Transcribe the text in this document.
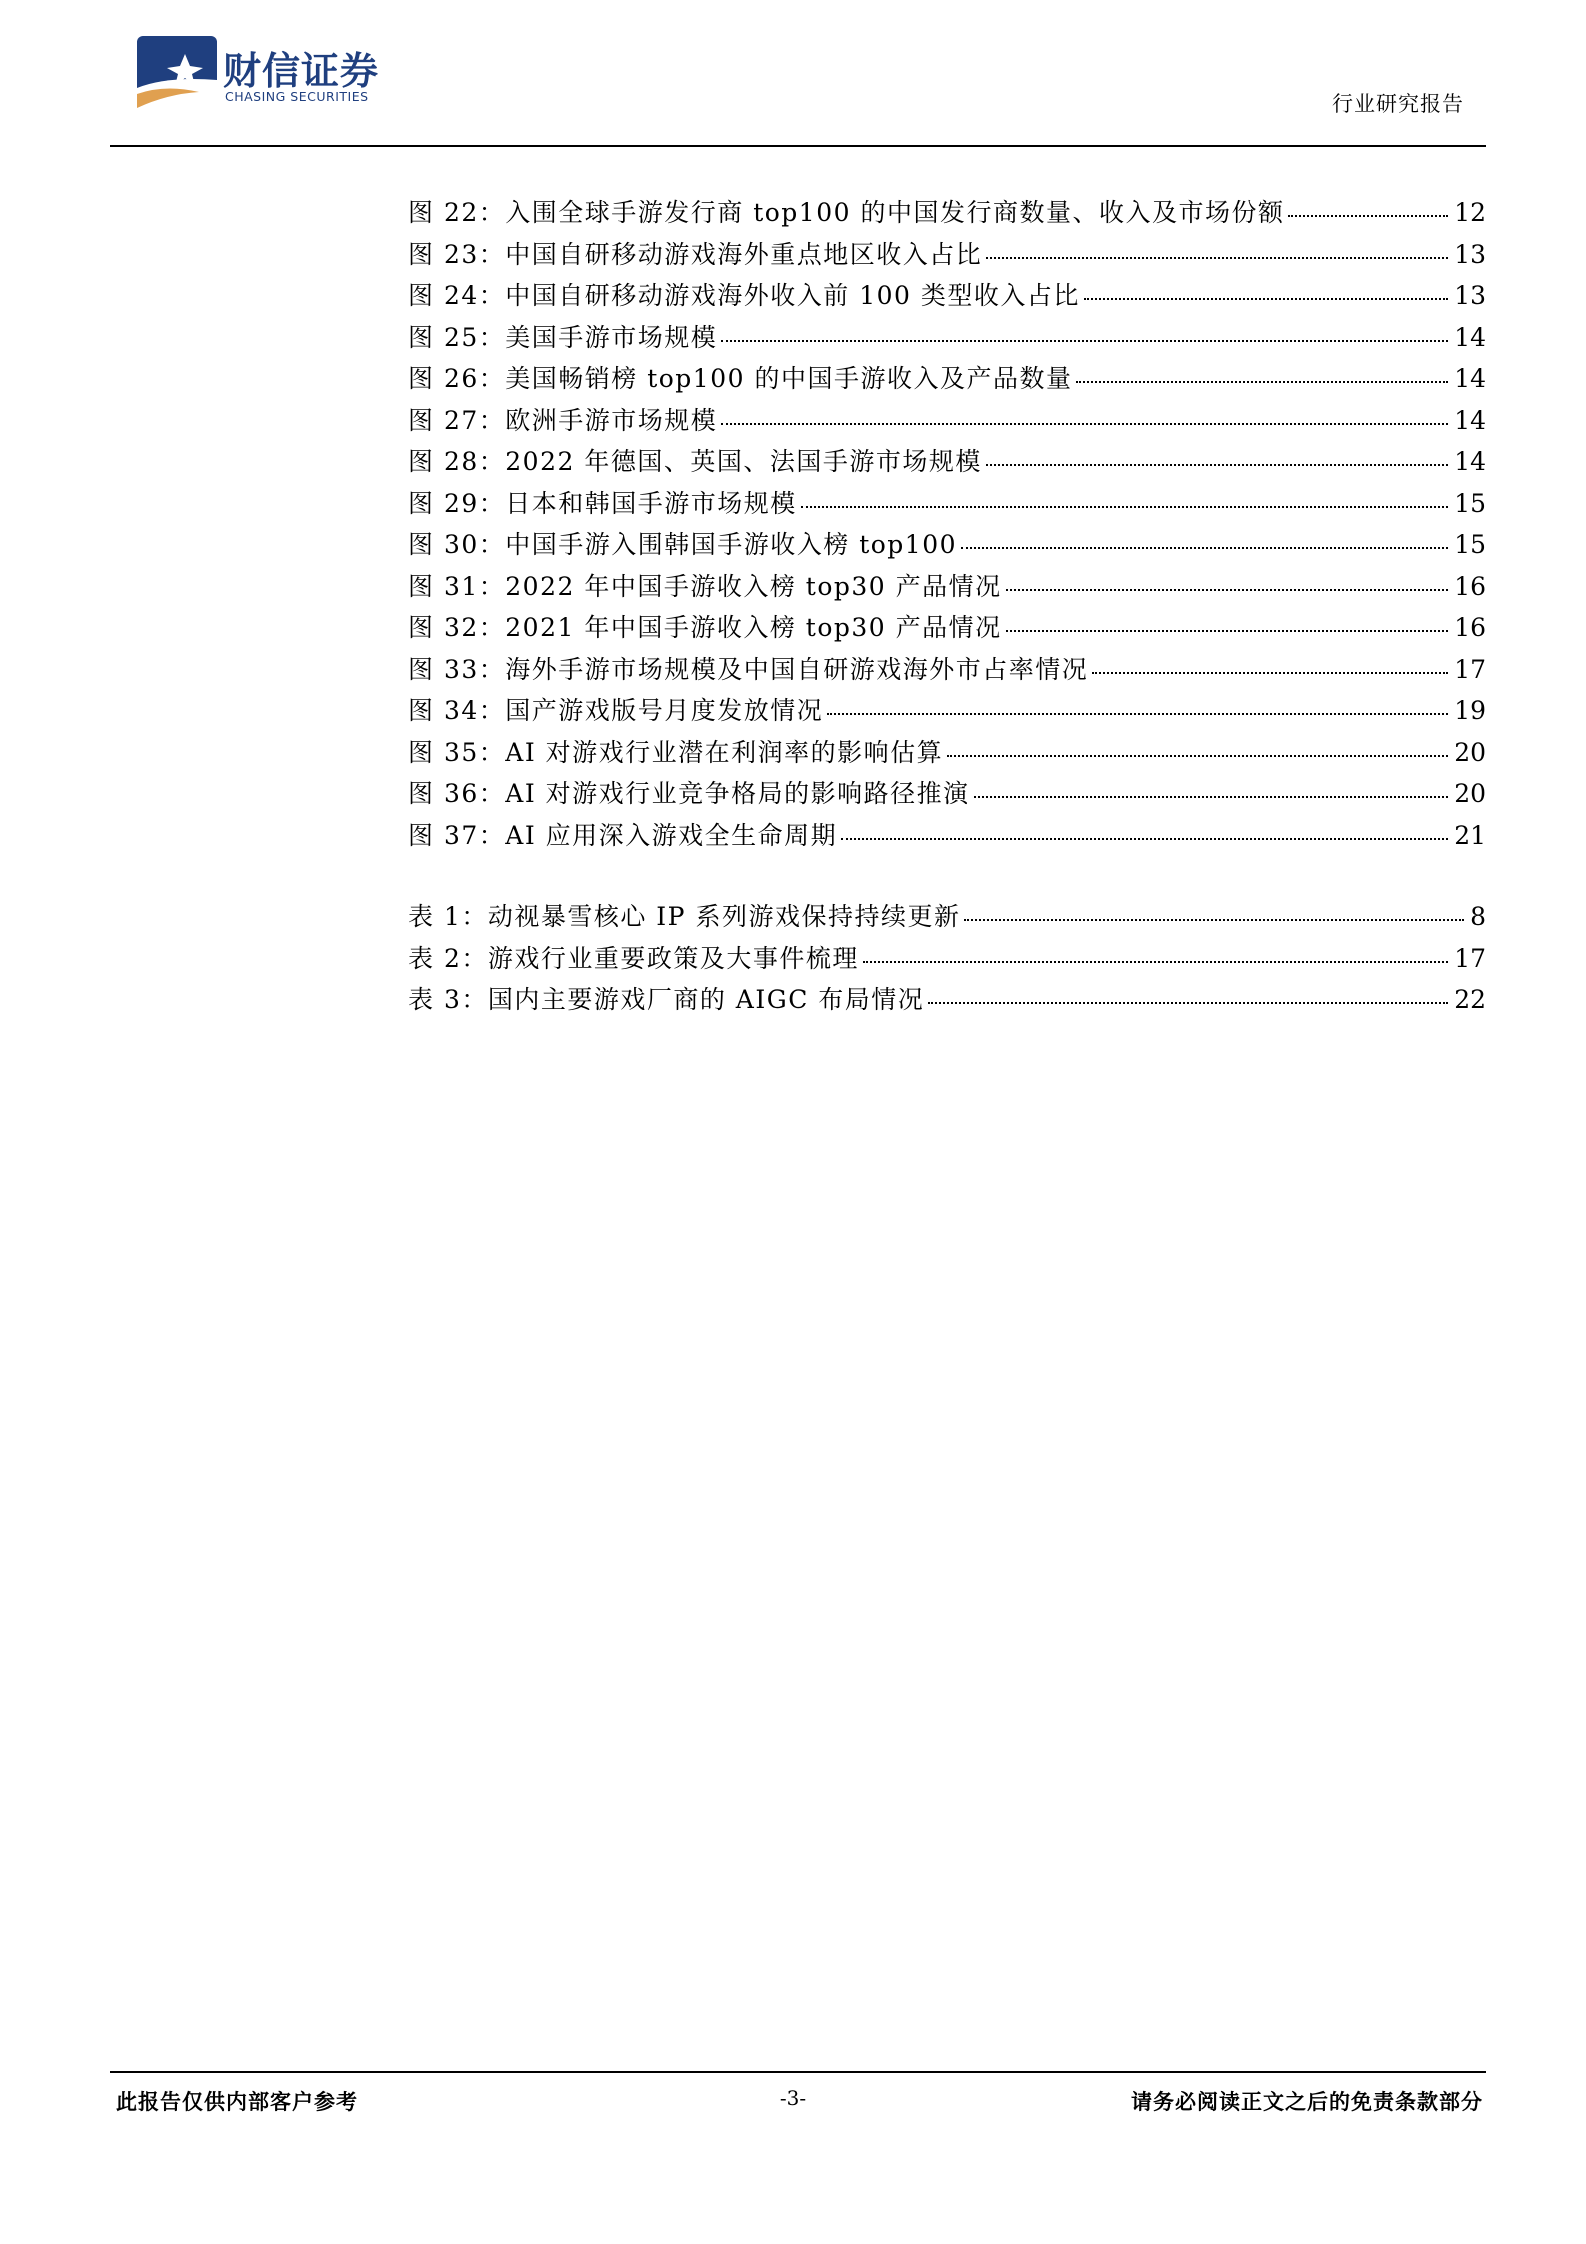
财信证券
CHASING SECURITIES	行业研究报告
图 22：入围全球手游发行商 top100 的中国发行商数量、收入及市场份额	12
图 23：中国自研移动游戏海外重点地区收入占比	13
图 24：中国自研移动游戏海外收入前 100 类型收入占比	13
图 25：美国手游市场规模	14
图 26：美国畅销榜 top100 的中国手游收入及产品数量	14
图 27：欧洲手游市场规模	14
图 28：2022 年德国、英国、法国手游市场规模	14
图 29：日本和韩国手游市场规模	15
图 30：中国手游入围韩国手游收入榜 top100	15
图 31：2022 年中国手游收入榜 top30 产品情况	16
图 32：2021 年中国手游收入榜 top30 产品情况	16
图 33：海外手游市场规模及中国自研游戏海外市占率情况	17
图 34：国产游戏版号月度发放情况	19
图 35：AI 对游戏行业潜在利润率的影响估算	20
图 36：AI 对游戏行业竞争格局的影响路径推演	20
图 37：AI 应用深入游戏全生命周期	21
表 1：动视暴雪核心 IP 系列游戏保持持续更新	8
表 2：游戏行业重要政策及大事件梳理	17
表 3：国内主要游戏厂商的 AIGC 布局情况	22
此报告仅供内部客户参考	-3-	请务必阅读正文之后的免责条款部分
